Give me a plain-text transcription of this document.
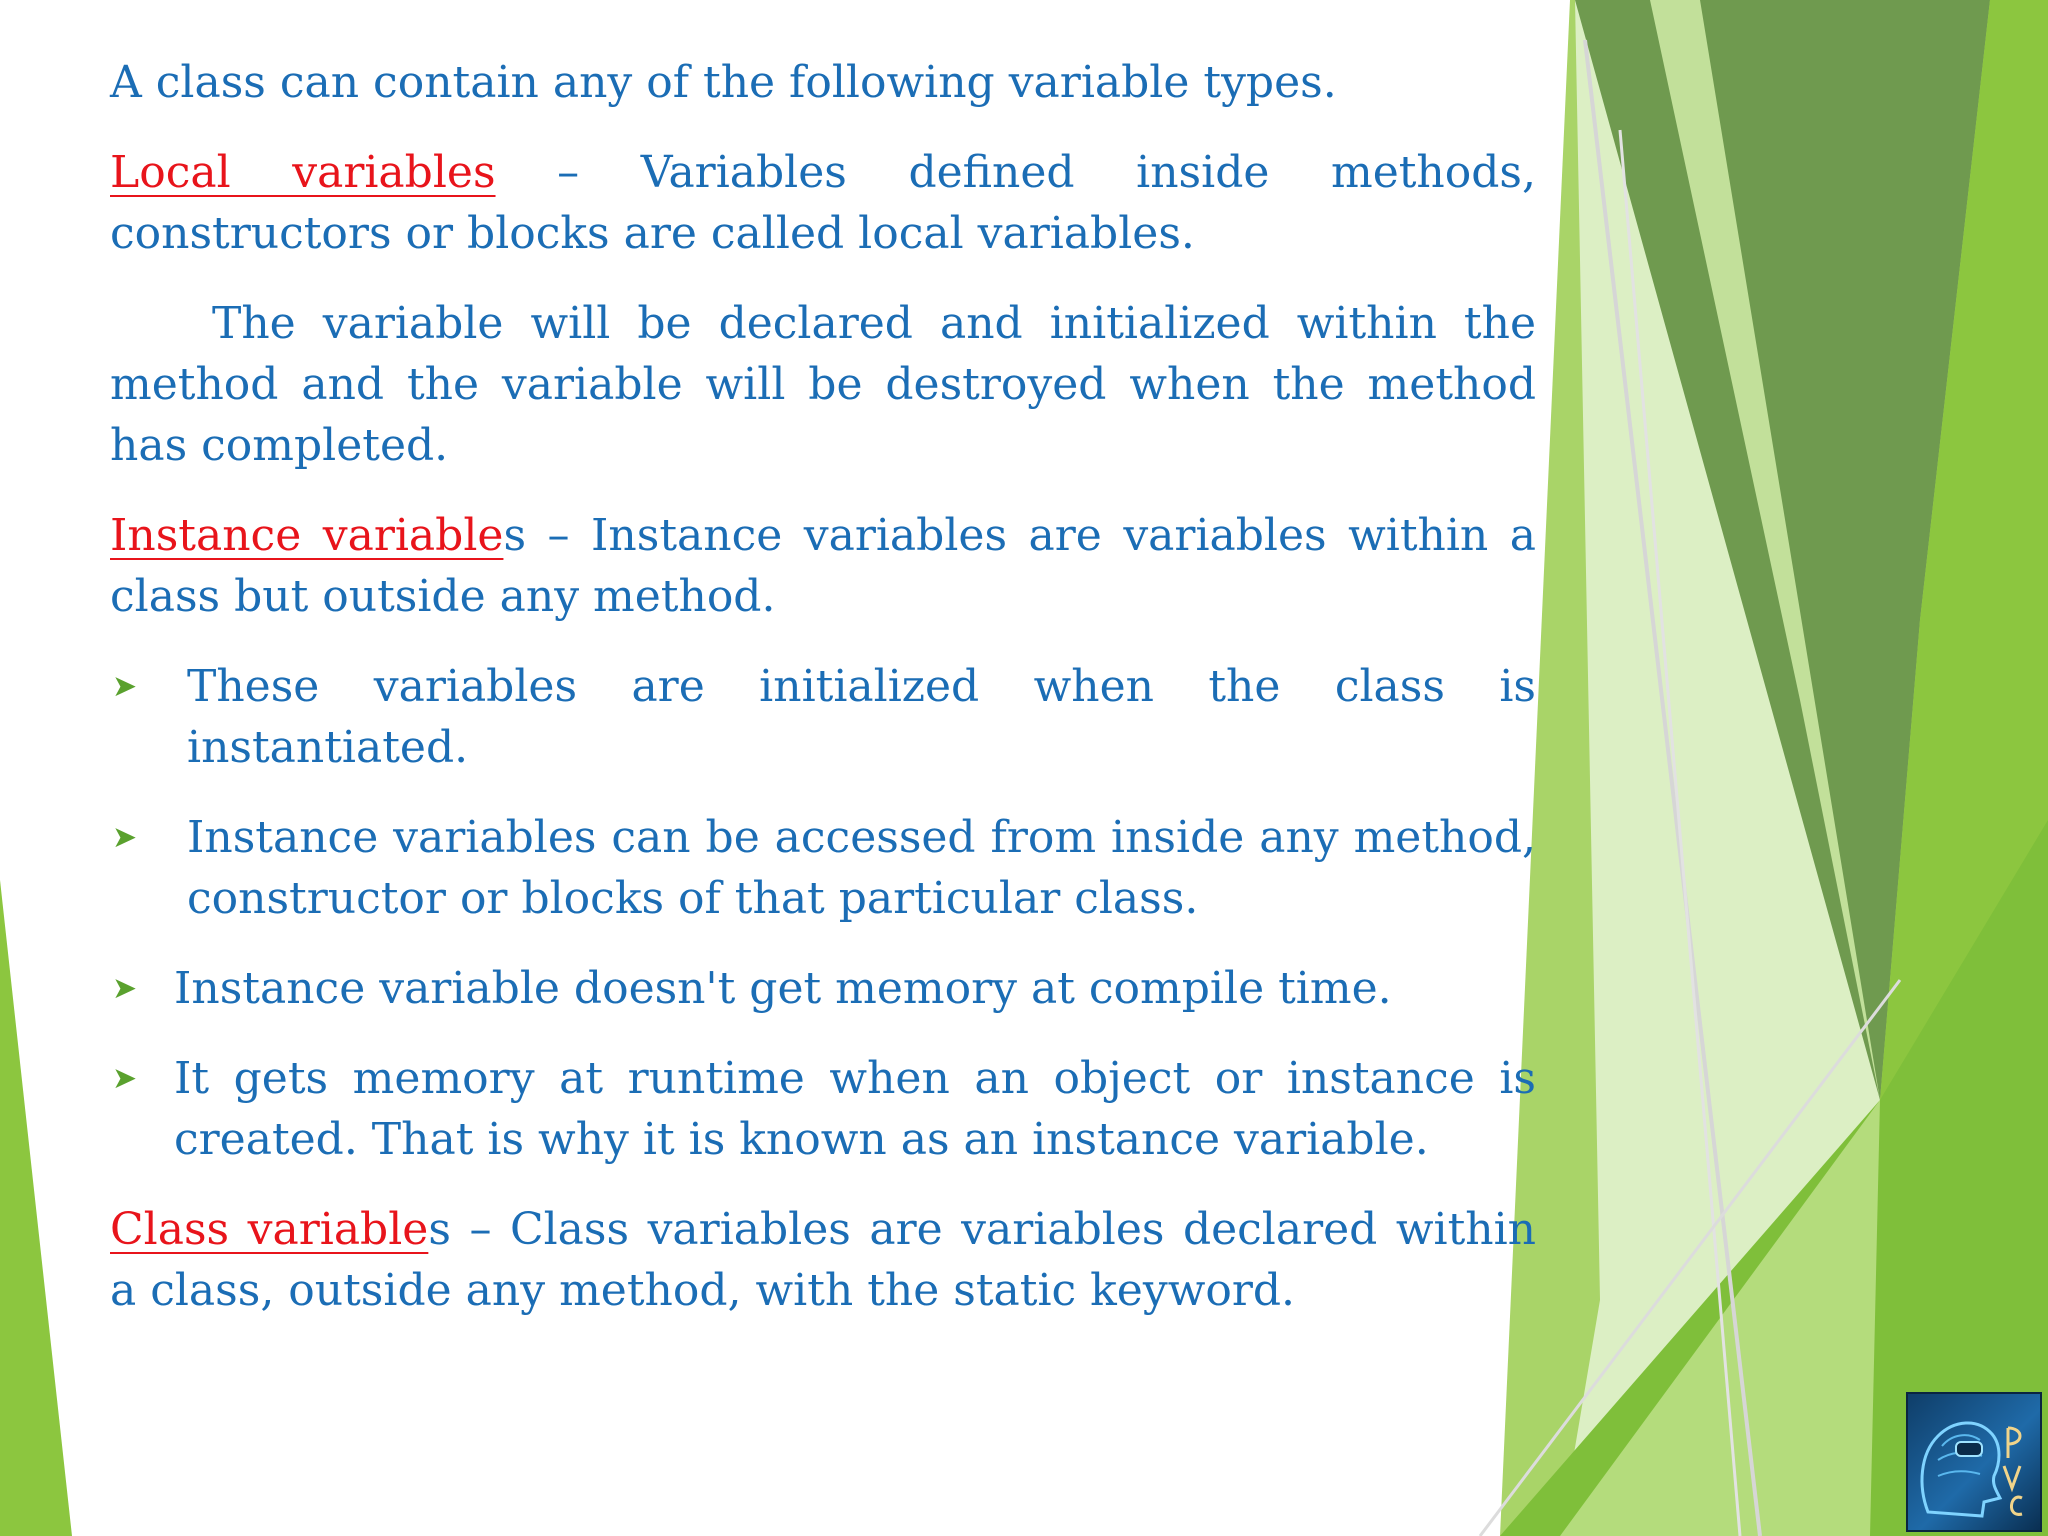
A class can contain any of the following variable types.

Local variables – Variables defined inside methods, constructors or blocks are called local variables.

The variable will be declared and initialized within the method and the variable will be destroyed when the method has completed.

Instance variables – Instance variables are variables within a class but outside any method.

➤ These variables are initialized when the class is instantiated.
➤ Instance variables can be accessed from inside any method, constructor or blocks of that particular class.
➤ Instance variable doesn't get memory at compile time.
➤ It gets memory at runtime when an object or instance is created. That is why it is known as an instance variable.

Class variables – Class variables are variables declared within a class, outside any method, with the static keyword.
